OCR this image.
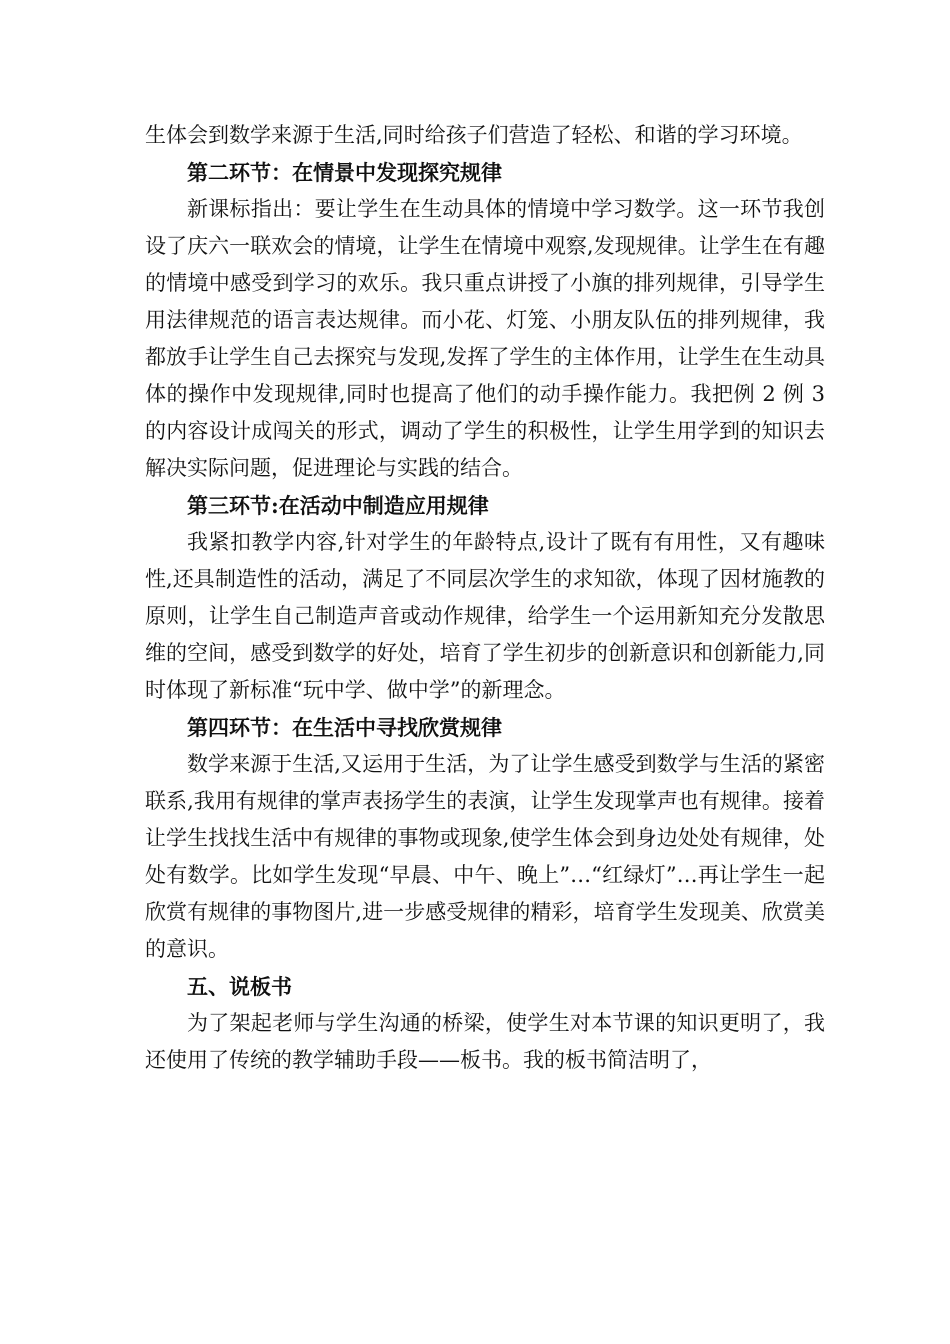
生体会到数学来源于生活,同时给孩子们营造了轻松、和谐的学习环境。

第二环节：在情景中发现探究规律

新课标指出：要让学生在生动具体的情境中学习数学。这一环节我创设了庆六一联欢会的情境，让学生在情境中观察,发现规律。让学生在有趣的情境中感受到学习的欢乐。我只重点讲授了小旗的排列规律，引导学生用法律规范的语言表达规律。而小花、灯笼、小朋友队伍的排列规律，我都放手让学生自己去探究与发现,发挥了学生的主体作用，让学生在生动具体的操作中发现规律,同时也提高了他们的动手操作能力。我把例 2 例 3 的内容设计成闯关的形式，调动了学生的积极性，让学生用学到的知识去解决实际问题，促进理论与实践的结合。

第三环节:在活动中制造应用规律

我紧扣教学内容,针对学生的年龄特点,设计了既有有用性，又有趣味性,还具制造性的活动，满足了不同层次学生的求知欲，体现了因材施教的原则，让学生自己制造声音或动作规律，给学生一个运用新知充分发散思维的空间，感受到数学的好处，培育了学生初步的创新意识和创新能力,同时体现了新标准“玩中学、做中学”的新理念。

第四环节：在生活中寻找欣赏规律

数学来源于生活,又运用于生活，为了让学生感受到数学与生活的紧密联系,我用有规律的掌声表扬学生的表演，让学生发现掌声也有规律。接着让学生找找生活中有规律的事物或现象,使学生体会到身边处处有规律，处处有数学。比如学生发现“早晨、中午、晚上”…“红绿灯”…再让学生一起欣赏有规律的事物图片,进一步感受规律的精彩，培育学生发现美、欣赏美的意识。

五、说板书

为了架起老师与学生沟通的桥梁，使学生对本节课的知识更明了，我还使用了传统的教学辅助手段——板书。我的板书简洁明了，
